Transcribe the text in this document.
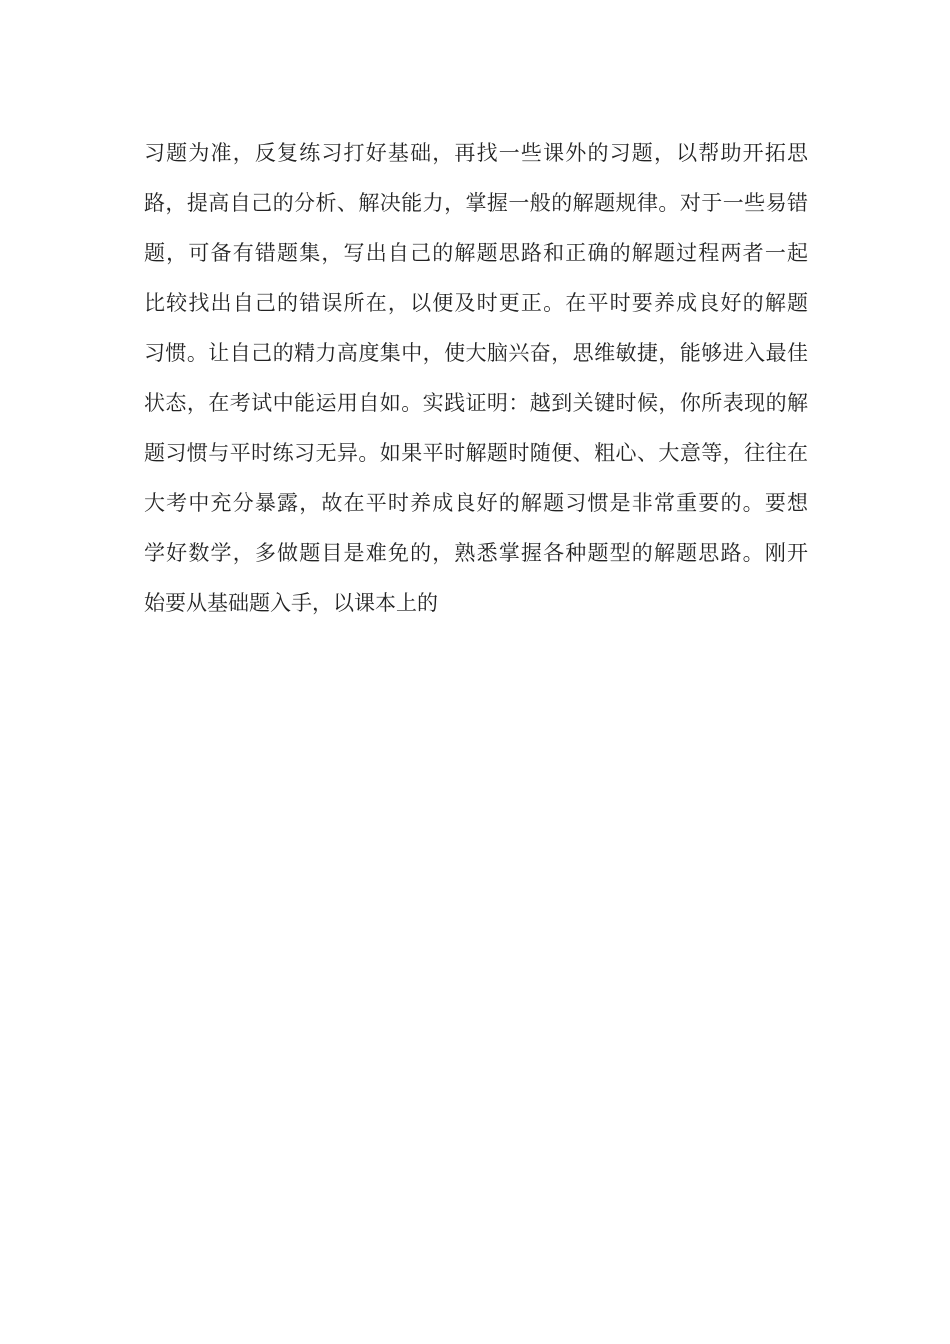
习题为准，反复练习打好基础，再找一些课外的习题，以帮助开拓思
路，提高自己的分析、解决能力，掌握一般的解题规律。对于一些易错
题，可备有错题集，写出自己的解题思路和正确的解题过程两者一起
比较找出自己的错误所在，以便及时更正。在平时要养成良好的解题
习惯。让自己的精力高度集中，使大脑兴奋，思维敏捷，能够进入最佳
状态，在考试中能运用自如。实践证明：越到关键时候，你所表现的解
题习惯与平时练习无异。如果平时解题时随便、粗心、大意等，往往在
大考中充分暴露，故在平时养成良好的解题习惯是非常重要的。要想
学好数学，多做题目是难免的，熟悉掌握各种题型的解题思路。刚开
始要从基础题入手，以课本上的
